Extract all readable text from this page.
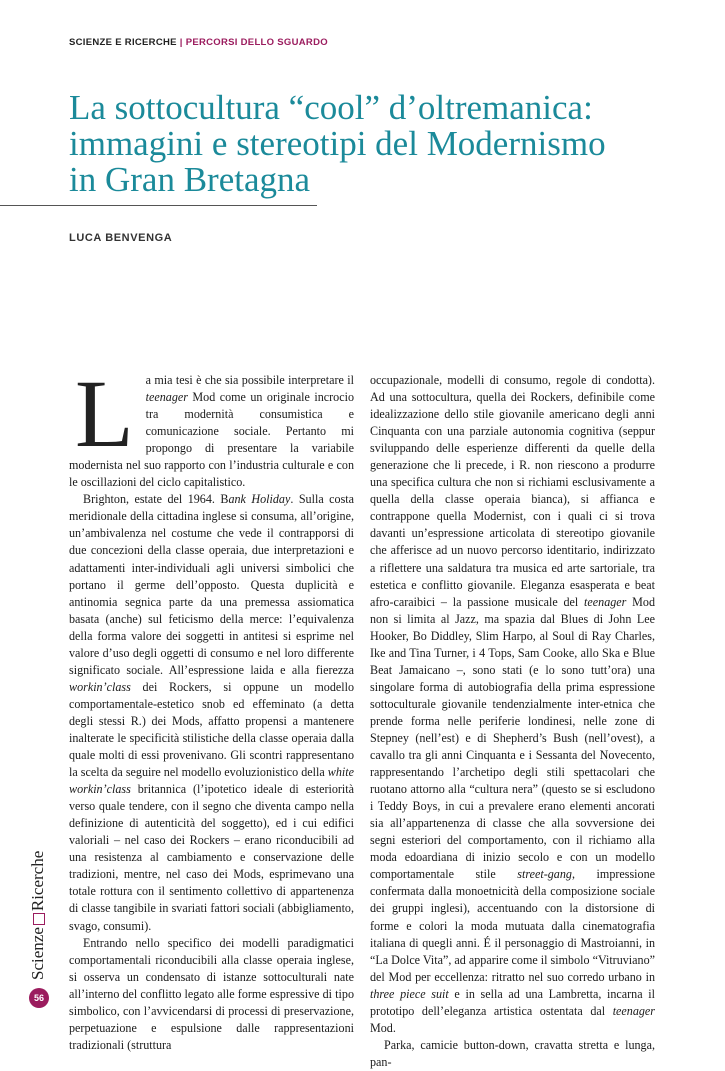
SCIENZE E RICERCHE | PERCORSI DELLO SGUARDO
La sottocultura “cool” d’oltremanica:
immagini e stereotipi del Modernismo
in Gran Bretagna
LUCA BENVENGA

La mia tesi è che sia possibile interpretare il teenager Mod come un originale incrocio tra modernità consumistica e comunicazione sociale. Pertanto mi propongo di presentare la variabile modernista nel suo rapporto con l’industria culturale e con le oscillazioni del ciclo capitalistico.

Brighton, estate del 1964. Bank Holiday. Sulla costa meridionale della cittadina inglese si consuma, all’origine, un’ambivalenza nel costume che vede il contrapporsi di due concezioni della classe operaia, due interpretazioni e adattamenti inter-individuali agli universi simbolici che portano il germe dell’opposto. Questa duplicità e antinomia segnica parte da una premessa assiomatica basata (anche) sul feticismo della merce: l’equivalenza della forma valore dei soggetti in antitesi si esprime nel valore d’uso degli oggetti di consumo e nel loro differente significato sociale. All’espressione laida e alla fierezza workin’class dei Rockers, si oppune un modello comportamentale-estetico snob ed effeminato (a detta degli stessi R.) dei Mods, affatto propensi a mantenere inalterate le specificità stilistiche della classe operaia dalla quale molti di essi provenivano. Gli scontri rappresentano la scelta da seguire nel modello evoluzionistico della white workin’class britannica (l’ipotetico ideale di esteriorità verso quale tendere, con il segno che diventa campo nella definizione di autenticità del soggetto), ed i cui edifici valoriali – nel caso dei Rockers – erano riconducibili ad una resistenza al cambiamento e conservazione delle tradizioni, mentre, nel caso dei Mods, esprimevano una totale rottura con il sentimento collettivo di appartenenza di classe tangibile in svariati fattori sociali (abbigliamento, svago, consumi).

Entrando nello specifico dei modelli paradigmatici comportamentali riconducibili alla classe operaia inglese, si osserva un condensato di istanze sottoculturali nate all’interno del conflitto legato alle forme espressive di tipo simbolico, con l’avvicendarsi di processi di preservazione, perpetuazione e espulsione dalle rappresentazioni tradizionali (struttura

occupazionale, modelli di consumo, regole di condotta). Ad una sottocultura, quella dei Rockers, definibile come idealizzazione dello stile giovanile americano degli anni Cinquanta con una parziale autonomia cognitiva (seppur sviluppando delle esperienze differenti da quelle della generazione che li precede, i R. non riescono a produrre una specifica cultura che non si richiami esclusivamente a quella della classe operaia bianca), si affianca e contrappone quella Modernist, con i quali ci si trova davanti un’espressione articolata di stereotipo giovanile che afferisce ad un nuovo percorso identitario, indirizzato a riflettere una saldatura tra musica ed arte sartoriale, tra estetica e conflitto giovanile. Eleganza esasperata e beat afro-caraibici – la passione musicale del teenager Mod non si limita al Jazz, ma spazia dal Blues di John Lee Hooker, Bo Diddley, Slim Harpo, al Soul di Ray Charles, Ike and Tina Turner, i 4 Tops, Sam Cooke, allo Ska e Blue Beat Jamaicano –, sono stati (e lo sono tutt’ora) una singolare forma di autobiografia della prima espressione sottoculturale giovanile tendenzialmente inter-etnica che prende forma nelle periferie londinesi, nelle zone di Stepney (nell’est) e di Shepherd’s Bush (nell’ovest), a cavallo tra gli anni Cinquanta e i Sessanta del Novecento, rappresentando l’archetipo degli stili spettacolari che ruotano attorno alla “cultura nera” (questo se si escludono i Teddy Boys, in cui a prevalere erano elementi ancorati sia all’appartenenza di classe che alla sovversione dei segni esteriori del comportamento, con il richiamo alla moda edoardiana di inizio secolo e con un modello comportamentale stile street-gang, impressione confermata dalla monoetnicità della composizione sociale dei gruppi inglesi), accentuando con la distorsione di forme e colori la moda mutuata dalla cinematografia italiana di quegli anni. É il personaggio di Mastroianni, in “La Dolce Vita”, ad apparire come il simbolo “Vitruviano” del Mod per eccellenza: ritratto nel suo corredo urbano in three piece suit e in sella ad una Lambretta, incarna il prototipo dell’eleganza artistica ostentata dal teenager Mod.

Parka, camicie button-down, cravatta stretta e lunga, pan-

ScienzeRicerche
56
